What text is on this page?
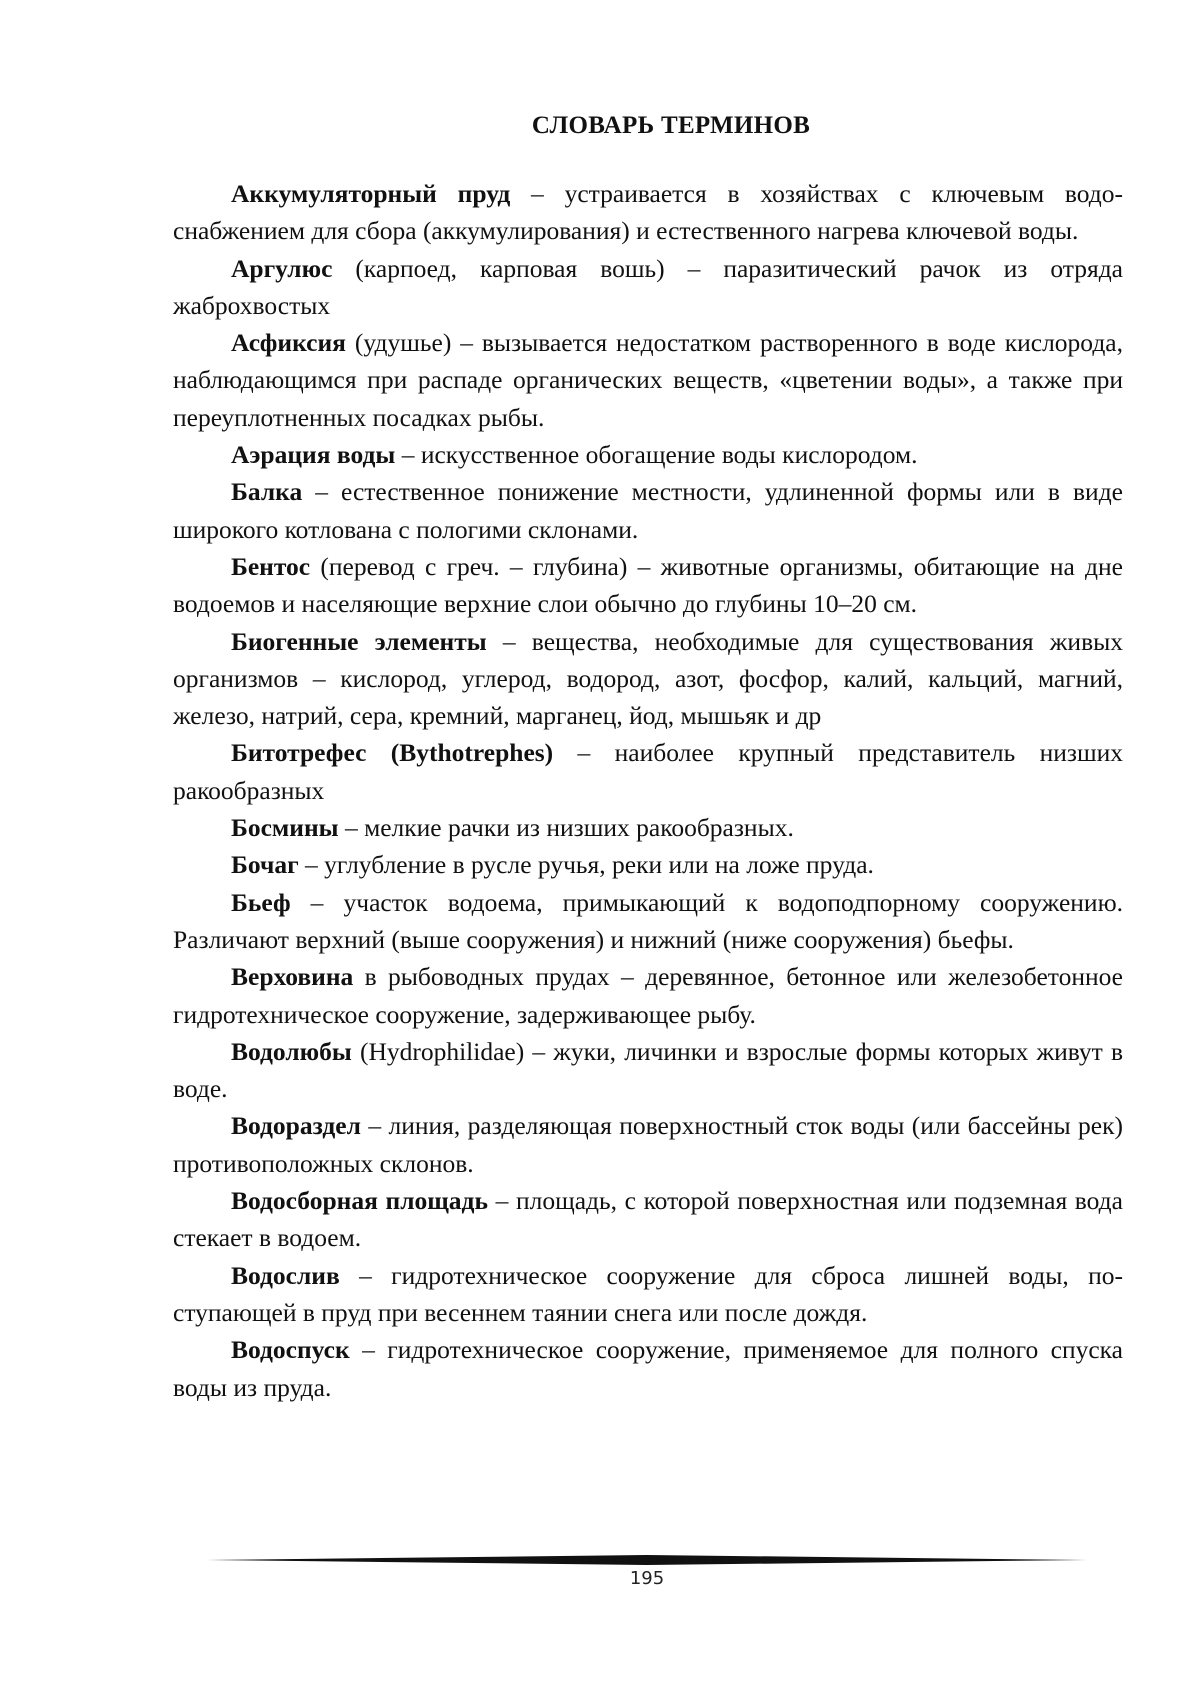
СЛОВАРЬ ТЕРМИНОВ

Аккумуляторный пруд – устраивается в хозяйствах с ключевым водоснабжением для сбора (аккумулирования) и естественного нагрева ключевой воды.

Аргулюс (карпоед, карповая вошь) – паразитический рачок из отряда жаброхвостых

Асфиксия (удушье) – вызывается недостатком растворенного в воде кислорода, наблюдающимся при распаде органических веществ, «цветении воды», а также при переуплотненных посадках рыбы.

Аэрация воды – искусственное обогащение воды кислородом.

Балка – естественное понижение местности, удлиненной формы или в виде широкого котлована с пологими склонами.

Бентос (перевод с греч. – глубина) – животные организмы, обитающие на дне водоемов и населяющие верхние слои обычно до глубины 10–20 см.

Биогенные элементы – вещества, необходимые для существования живых организмов – кислород, углерод, водород, азот, фосфор, калий, кальций, магний, железо, натрий, сера, кремний, марганец, йод, мышьяк и др

Битотрефес (Bythotrephes) – наиболее крупный представитель низших ракообразных

Босмины – мелкие рачки из низших ракообразных.

Бочаг – углубление в русле ручья, реки или на ложе пруда.

Бьеф – участок водоема, примыкающий к водоподпорному сооружению. Различают верхний (выше сооружения) и нижний (ниже сооружения) бьефы.

Верховина в рыбоводных прудах – деревянное, бетонное или железобетонное гидротехническое сооружение, задерживающее рыбу.

Водолюбы (Hydrophilidae) – жуки, личинки и взрослые формы которых живут в воде.

Водораздел – линия, разделяющая поверхностный сток воды (или бассейны рек) противоположных склонов.

Водосборная площадь – площадь, с которой поверхностная или подземная вода стекает в водоем.

Водослив – гидротехническое сооружение для сброса лишней воды, поступающей в пруд при весеннем таянии снега или после дождя.

Водоспуск – гидротехническое сооружение, применяемое для полного спуска воды из пруда.

195
